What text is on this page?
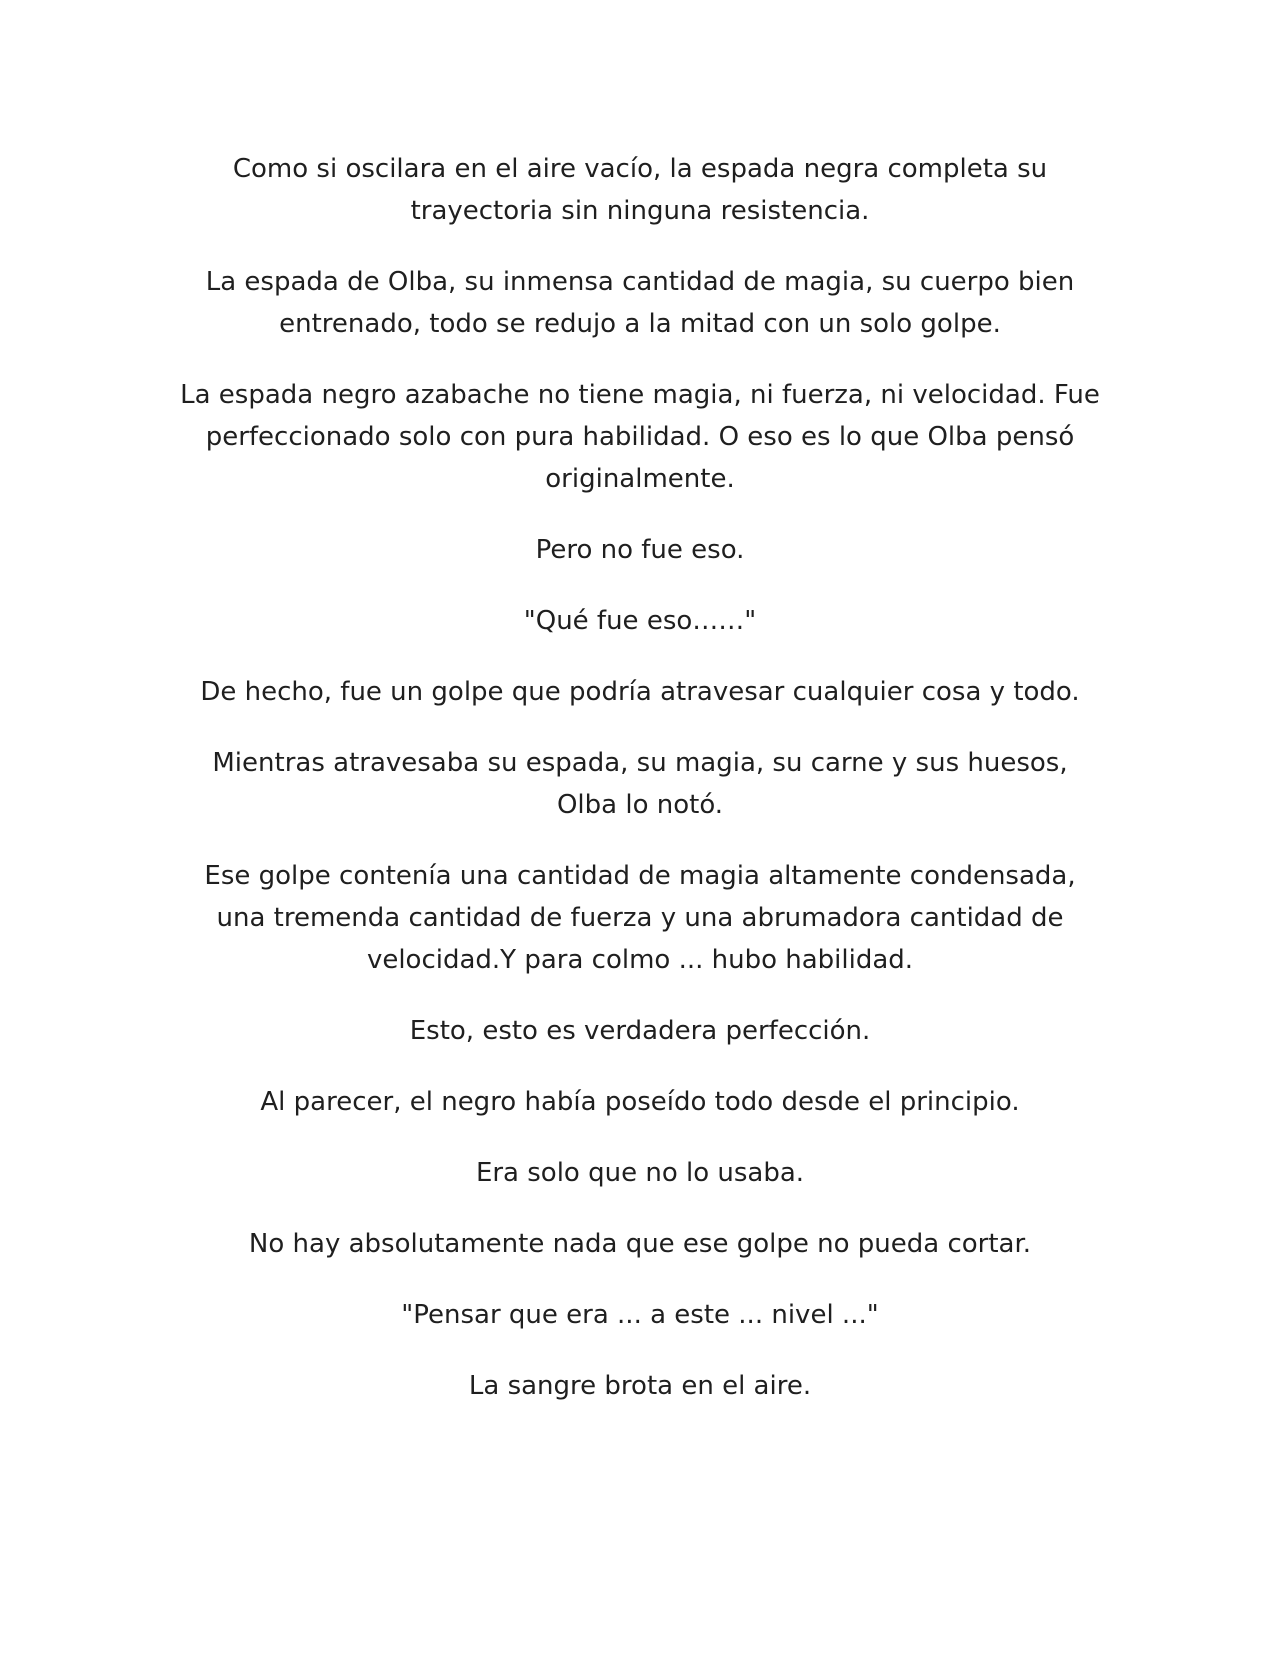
Como si oscilara en el aire vacío, la espada negra completa su trayectoria sin ninguna resistencia.

La espada de Olba, su inmensa cantidad de magia, su cuerpo bien entrenado, todo se redujo a la mitad con un solo golpe.

La espada negro azabache no tiene magia, ni fuerza, ni velocidad. Fue perfeccionado solo con pura habilidad. O eso es lo que Olba pensó originalmente.

Pero no fue eso.

"Qué fue eso……"

De hecho, fue un golpe que podría atravesar cualquier cosa y todo.

Mientras atravesaba su espada, su magia, su carne y sus huesos, Olba lo notó.

Ese golpe contenía una cantidad de magia altamente condensada, una tremenda cantidad de fuerza y una abrumadora cantidad de velocidad.Y para colmo ... hubo habilidad.

Esto, esto es verdadera perfección.

Al parecer, el negro había poseído todo desde el principio.

Era solo que no lo usaba.

No hay absolutamente nada que ese golpe no pueda cortar.

"Pensar que era ... a este ... nivel ..."

La sangre brota en el aire.
